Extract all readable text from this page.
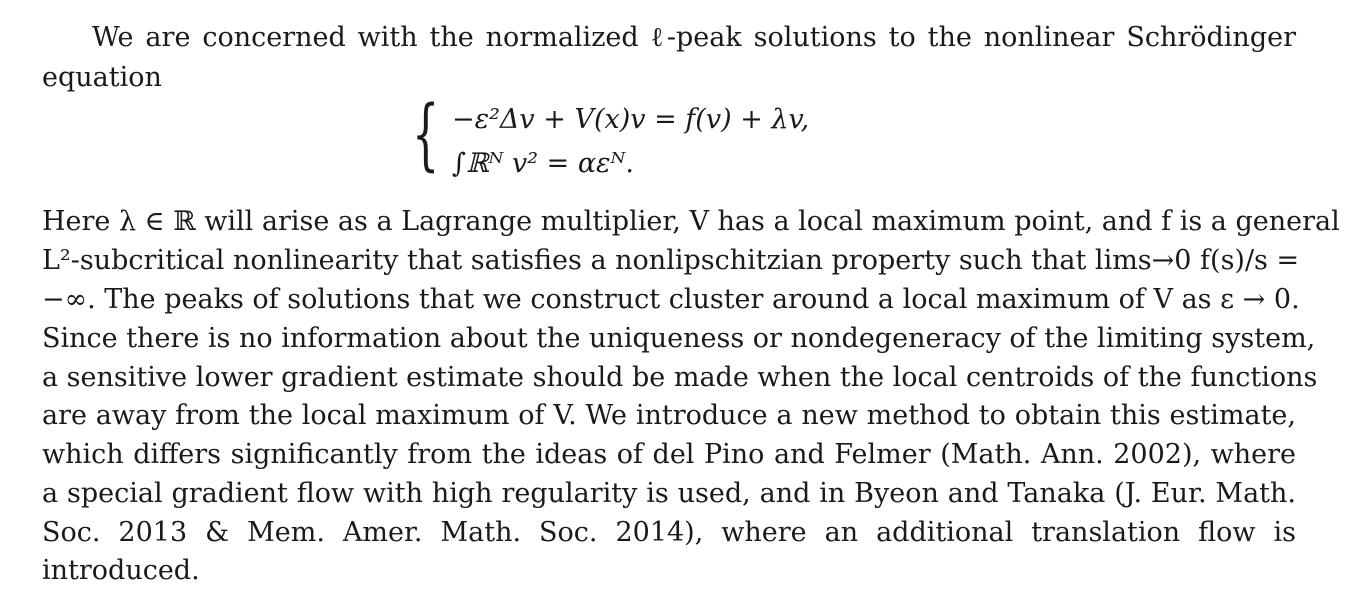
We are concerned with the normalized ℓ-peak solutions to the nonlinear Schrödinger
equation
{ −ε²Δv + V(x)v = f(v) + λv,
∫ℝᴺ v² = αεᴺ.
Here λ ∈ ℝ will arise as a Lagrange multiplier, V has a local maximum point, and f is a general
L²-subcritical nonlinearity that satisfies a nonlipschitzian property such that lims→0 f(s)/s =
−∞. The peaks of solutions that we construct cluster around a local maximum of V as ε → 0.
Since there is no information about the uniqueness or nondegeneracy of the limiting system,
a sensitive lower gradient estimate should be made when the local centroids of the functions
are away from the local maximum of V. We introduce a new method to obtain this estimate,
which differs significantly from the ideas of del Pino and Felmer (Math. Ann. 2002), where
a special gradient flow with high regularity is used, and in Byeon and Tanaka (J. Eur. Math.
Soc. 2013 & Mem. Amer. Math. Soc. 2014), where an additional translation flow is
introduced.
